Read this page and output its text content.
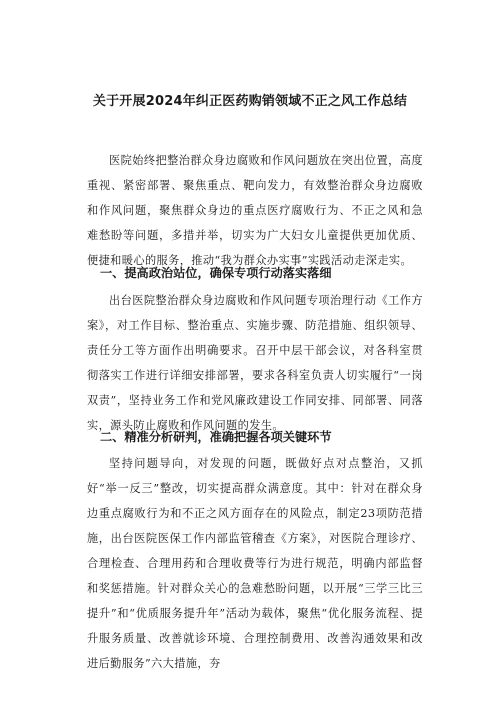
关于开展2024年纠正医药购销领域不正之风工作总结

医院始终把整治群众身边腐败和作风问题放在突出位置，高度重视、紧密部署、聚焦重点、靶向发力，有效整治群众身边腐败和作风问题，聚焦群众身边的重点医疗腐败行为、不正之风和急难愁盼等问题，多措并举，切实为广大妇女儿童提供更加优质、便捷和暖心的服务，推动“我为群众办实事”实践活动走深走实。

一、提高政治站位，确保专项行动落实落细

出台医院整治群众身边腐败和作风问题专项治理行动《工作方案》，对工作目标、整治重点、实施步骤、防范措施、组织领导、责任分工等方面作出明确要求。召开中层干部会议，对各科室贯彻落实工作进行详细安排部署，要求各科室负责人切实履行“一岗双责”，坚持业务工作和党风廉政建设工作同安排、同部署、同落实，源头防止腐败和作风问题的发生。

二、精准分析研判，准确把握各项关键环节

坚持问题导向，对发现的问题，既做好点对点整治，又抓好“举一反三”整改，切实提高群众满意度。其中：针对在群众身边重点腐败行为和不正之风方面存在的风险点，制定23项防范措施，出台医院医保工作内部监管稽查《方案》，对医院合理诊疗、合理检查、合理用药和合理收费等行为进行规范，明确内部监督和奖惩措施。针对群众关心的急难愁盼问题，以开展“三学三比三提升”和“优质服务提升年”活动为载体，聚焦“优化服务流程、提升服务质量、改善就诊环境、合理控制费用、改善沟通效果和改进后勤服务”六大措施，夯
